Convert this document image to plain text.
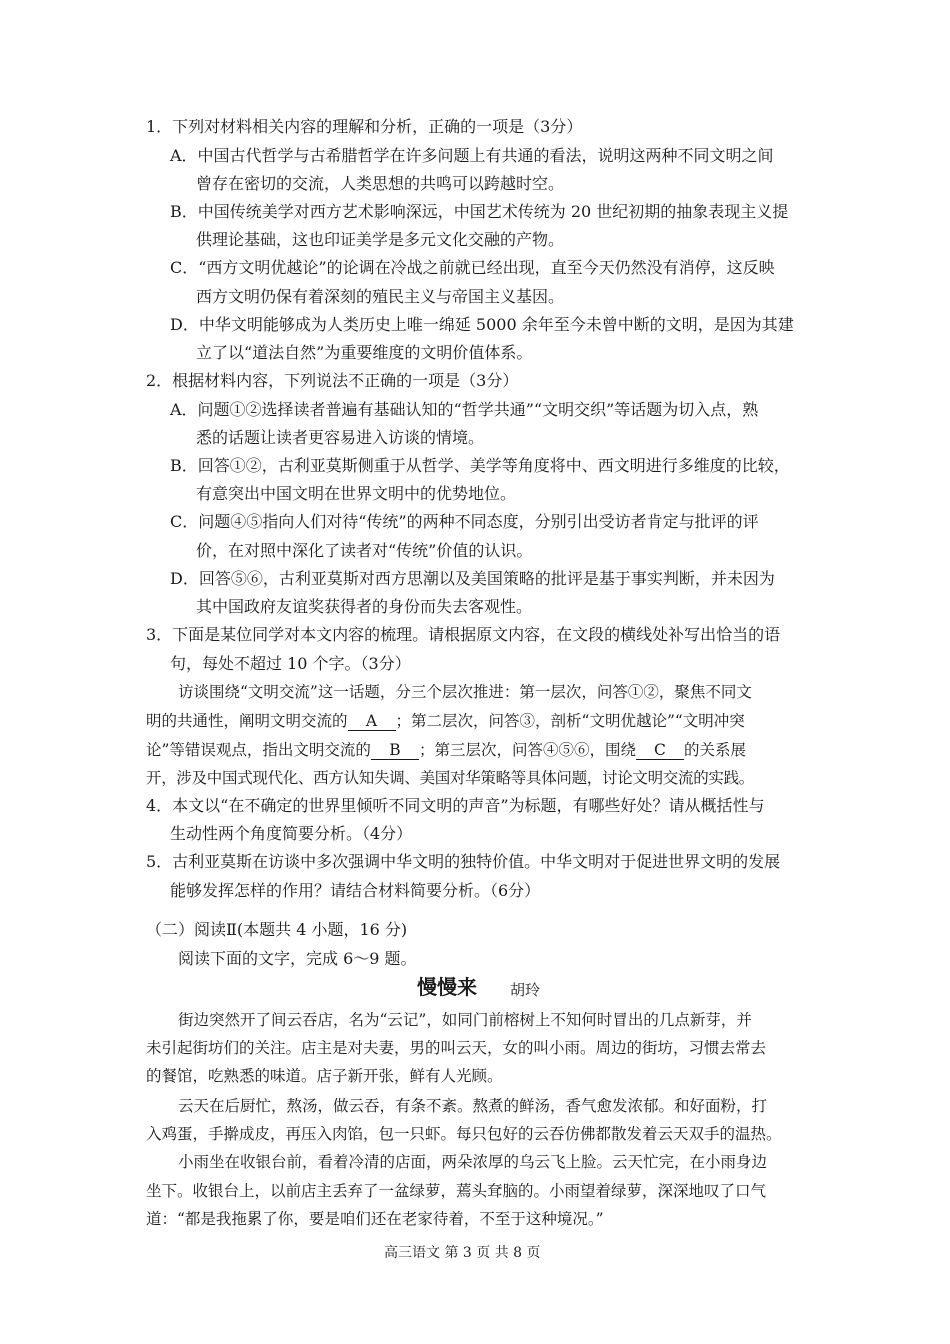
1．下列对材料相关内容的理解和分析，正确的一项是（3分）
A．中国古代哲学与古希腊哲学在许多问题上有共通的看法，说明这两种不同文明之间
曾存在密切的交流，人类思想的共鸣可以跨越时空。
B．中国传统美学对西方艺术影响深远，中国艺术传统为 20 世纪初期的抽象表现主义提
供理论基础，这也印证美学是多元文化交融的产物。
C．“西方文明优越论”的论调在冷战之前就已经出现，直至今天仍然没有消停，这反映
西方文明仍保有着深刻的殖民主义与帝国主义基因。
D．中华文明能够成为人类历史上唯一绵延 5000 余年至今未曾中断的文明，是因为其建
立了以“道法自然”为重要维度的文明价值体系。
2．根据材料内容，下列说法不正确的一项是（3分）
A．问题①②选择读者普遍有基础认知的“哲学共通”“文明交织”等话题为切入点，熟
悉的话题让读者更容易进入访谈的情境。
B．回答①②，古利亚莫斯侧重于从哲学、美学等角度将中、西文明进行多维度的比较，
有意突出中国文明在世界文明中的优势地位。
C．问题④⑤指向人们对待“传统”的两种不同态度，分别引出受访者肯定与批评的评
价，在对照中深化了读者对“传统”价值的认识。
D．回答⑤⑥，古利亚莫斯对西方思潮以及美国策略的批评是基于事实判断，并未因为
其中国政府友谊奖获得者的身份而失去客观性。
3．下面是某位同学对本文内容的梳理。请根据原文内容，在文段的横线处补写出恰当的语
句，每处不超过 10 个字。（3分）
访谈围绕“文明交流”这一话题，分三个层次推进：第一层次，问答①②，聚焦不同文
明的共通性，阐明文明交流的 A ；第二层次，问答③，剖析“文明优越论”“文明冲突
论”等错误观点，指出文明交流的 B ；第三层次，问答④⑤⑥，围绕 C 的关系展
开，涉及中国式现代化、西方认知失调、美国对华策略等具体问题，讨论文明交流的实践。
4．本文以“在不确定的世界里倾听不同文明的声音”为标题，有哪些好处？请从概括性与
生动性两个角度简要分析。（4分）
5．古利亚莫斯在访谈中多次强调中华文明的独特价值。中华文明对于促进世界文明的发展
能够发挥怎样的作用？请结合材料简要分析。（6分）
（二）阅读Ⅱ(本题共 4 小题，16 分)
阅读下面的文字，完成 6～9 题。
慢慢来 胡玲
街边突然开了间云吞店，名为“云记”，如同门前榕树上不知何时冒出的几点新芽，并
未引起街坊们的关注。店主是对夫妻，男的叫云天，女的叫小雨。周边的街坊，习惯去常去
的餐馆，吃熟悉的味道。店子新开张，鲜有人光顾。
云天在后厨忙，熬汤，做云吞，有条不紊。熬煮的鲜汤，香气愈发浓郁。和好面粉，打
入鸡蛋，手擀成皮，再压入肉馅，包一只虾。每只包好的云吞仿佛都散发着云天双手的温热。
小雨坐在收银台前，看着冷清的店面，两朵浓厚的乌云飞上脸。云天忙完，在小雨身边
坐下。收银台上，以前店主丢弃了一盆绿萝，蔫头耷脑的。小雨望着绿萝，深深地叹了口气
道：“都是我拖累了你，要是咱们还在老家待着，不至于这种境况。”
高三语文 第 3 页 共 8 页
